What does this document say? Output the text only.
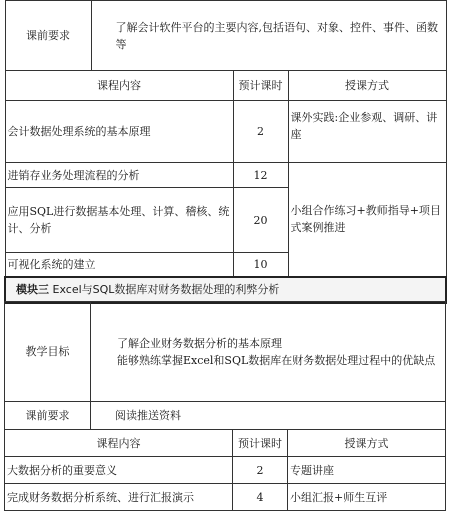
课前要求	了解会计软件平台的主要内容,包括语句、对象、控件、事件、函数等		
课程内容		预计课时	授课方式
会计数据处理系统的基本原理		2	课外实践:企业参观、调研、讲座
进销存业务处理流程的分析		12	小组合作练习+教师指导+项目式案例推进
应用SQL进行数据基本处理、计算、稽核、统计、分析		20	
可视化系统的建立		10	
模块三 Excel与SQL数据库对财务数据处理的利弊分析			
教学目标	了解企业财务数据分析的基本原理
能够熟练掌握Excel和SQL数据库在财务数据处理过程中的优缺点		

课前要求	阅读推送资料		
课程内容		预计课时	授课方式
大数据分析的重要意义		2	专题讲座
完成财务数据分析系统、进行汇报演示		4	小组汇报+师生互评
